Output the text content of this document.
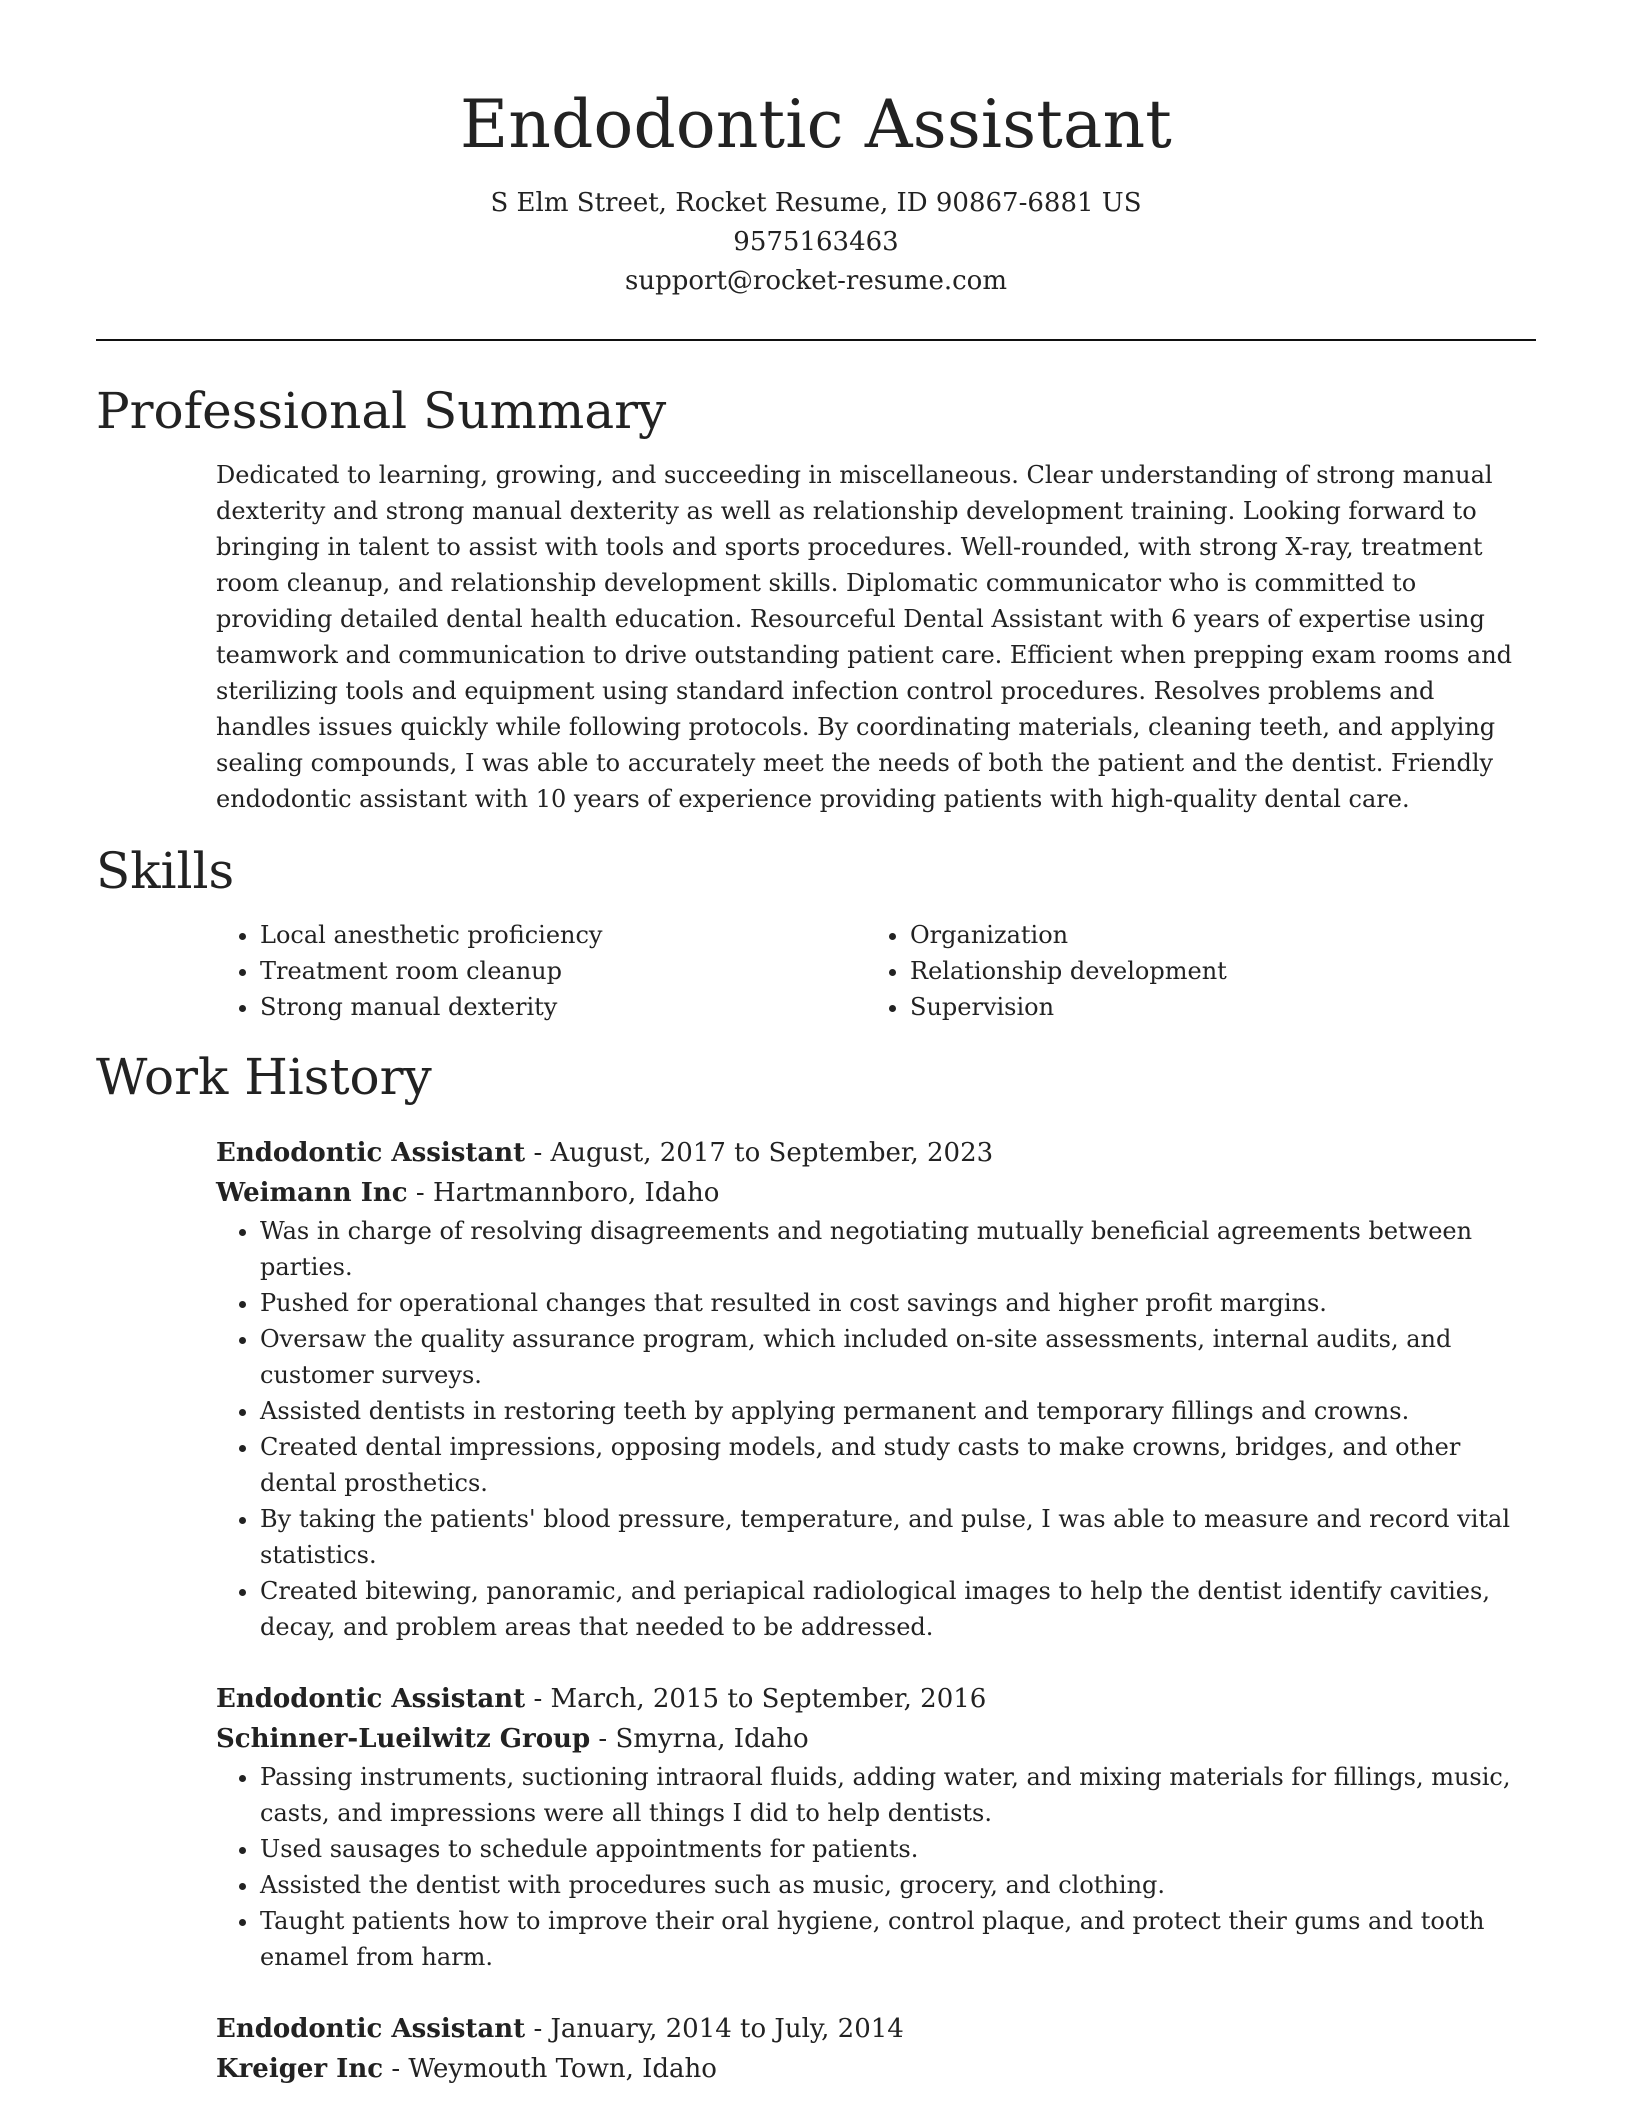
Endodontic Assistant
S Elm Street, Rocket Resume, ID 90867-6881 US
9575163463
support@rocket-resume.com
Professional Summary
Dedicated to learning, growing, and succeeding in miscellaneous. Clear understanding of strong manual dexterity and strong manual dexterity as well as relationship development training. Looking forward to bringing in talent to assist with tools and sports procedures. Well-rounded, with strong X-ray, treatment room cleanup, and relationship development skills. Diplomatic communicator who is committed to providing detailed dental health education. Resourceful Dental Assistant with 6 years of expertise using teamwork and communication to drive outstanding patient care. Efficient when prepping exam rooms and sterilizing tools and equipment using standard infection control procedures. Resolves problems and handles issues quickly while following protocols. By coordinating materials, cleaning teeth, and applying sealing compounds, I was able to accurately meet the needs of both the patient and the dentist. Friendly endodontic assistant with 10 years of experience providing patients with high-quality dental care.
Skills
• Local anesthetic proficiency
• Treatment room cleanup
• Strong manual dexterity
• Organization
• Relationship development
• Supervision
Work History
Endodontic Assistant - August, 2017 to September, 2023
Weimann Inc - Hartmannboro, Idaho
• Was in charge of resolving disagreements and negotiating mutually beneficial agreements between parties.
• Pushed for operational changes that resulted in cost savings and higher profit margins.
• Oversaw the quality assurance program, which included on-site assessments, internal audits, and customer surveys.
• Assisted dentists in restoring teeth by applying permanent and temporary fillings and crowns.
• Created dental impressions, opposing models, and study casts to make crowns, bridges, and other dental prosthetics.
• By taking the patients' blood pressure, temperature, and pulse, I was able to measure and record vital statistics.
• Created bitewing, panoramic, and periapical radiological images to help the dentist identify cavities, decay, and problem areas that needed to be addressed.
Endodontic Assistant - March, 2015 to September, 2016
Schinner-Lueilwitz Group - Smyrna, Idaho
• Passing instruments, suctioning intraoral fluids, adding water, and mixing materials for fillings, music, casts, and impressions were all things I did to help dentists.
• Used sausages to schedule appointments for patients.
• Assisted the dentist with procedures such as music, grocery, and clothing.
• Taught patients how to improve their oral hygiene, control plaque, and protect their gums and tooth enamel from harm.
Endodontic Assistant - January, 2014 to July, 2014
Kreiger Inc - Weymouth Town, Idaho
